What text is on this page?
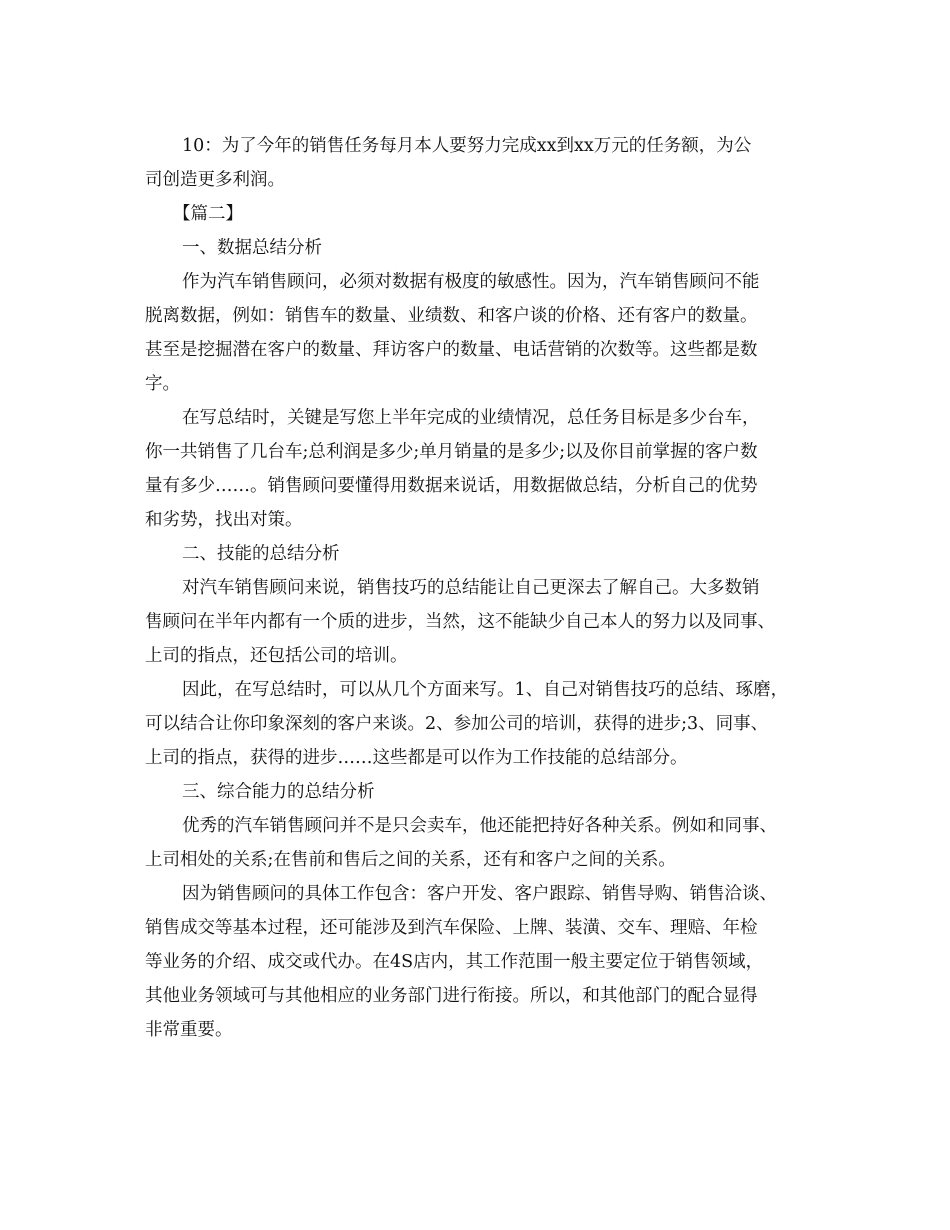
10：为了今年的销售任务每月本人要努力完成xx到xx万元的任务额，为公
司创造更多利润。
【篇二】
一、数据总结分析
作为汽车销售顾问，必须对数据有极度的敏感性。因为，汽车销售顾问不能
脱离数据，例如：销售车的数量、业绩数、和客户谈的价格、还有客户的数量。
甚至是挖掘潜在客户的数量、拜访客户的数量、电话营销的次数等。这些都是数
字。
在写总结时，关键是写您上半年完成的业绩情况，总任务目标是多少台车，
你一共销售了几台车;总利润是多少;单月销量的是多少;以及你目前掌握的客户数
量有多少……。销售顾问要懂得用数据来说话，用数据做总结，分析自己的优势
和劣势，找出对策。
二、技能的总结分析
对汽车销售顾问来说，销售技巧的总结能让自己更深去了解自己。大多数销
售顾问在半年内都有一个质的进步，当然，这不能缺少自己本人的努力以及同事、
上司的指点，还包括公司的培训。
因此，在写总结时，可以从几个方面来写。1、自己对销售技巧的总结、琢磨，
可以结合让你印象深刻的客户来谈。2、参加公司的培训，获得的进步;3、同事、
上司的指点，获得的进步……这些都是可以作为工作技能的总结部分。
三、综合能力的总结分析
优秀的汽车销售顾问并不是只会卖车，他还能把持好各种关系。例如和同事、
上司相处的关系;在售前和售后之间的关系，还有和客户之间的关系。
因为销售顾问的具体工作包含：客户开发、客户跟踪、销售导购、销售洽谈、
销售成交等基本过程，还可能涉及到汽车保险、上牌、装潢、交车、理赔、年检
等业务的介绍、成交或代办。在4S店内，其工作范围一般主要定位于销售领域，
其他业务领域可与其他相应的业务部门进行衔接。所以，和其他部门的配合显得
非常重要。
